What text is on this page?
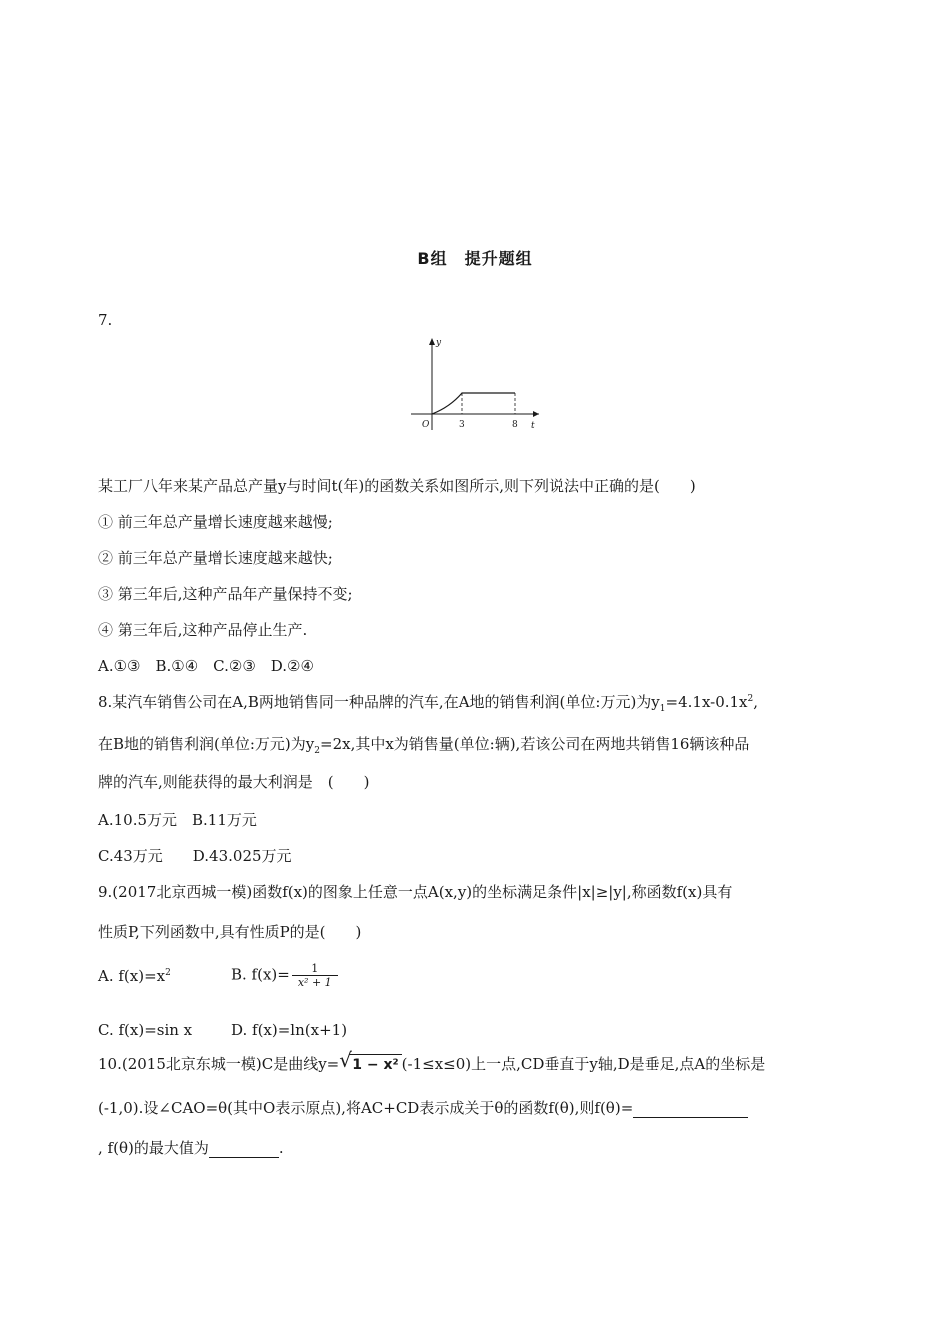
B组　提升题组
7.
y
t
O	3	8
某工厂八年来某产品总产量y与时间t(年)的函数关系如图所示,则下列说法中正确的是(　　)
① 前三年总产量增长速度越来越慢;
② 前三年总产量增长速度越来越快;
③ 第三年后,这种产品年产量保持不变;
④ 第三年后,这种产品停止生产.
A.①③　B.①④　C.②③　D.②④
8.某汽车销售公司在A,B两地销售同一种品牌的汽车,在A地的销售利润(单位:万元)为$y_1=4.1x-0.1x^2$,
在B地的销售利润(单位:万元)为$y_2=2x$,其中x为销售量(单位:辆),若该公司在两地共销售16辆该种品
牌的汽车,则能获得的最大利润是　(　　)
A.10.5万元　B.11万元
C.43万元　　D.43.025万元
9.(2017北京西城一模)函数f(x)的图象上任意一点A(x,y)的坐标满足条件|x|≥|y|,称函数f(x)具有
性质P,下列函数中,具有性质P的是(　　)
A. $f(x)=x^2$	B. $f(x)= \frac{1}{\text{x² + 1}}$
C. f(x)=sin x	D. f(x)=ln(x+1)
10.(2015北京东城一模)C是曲线y= √ 1 − x² (-1≤x≤0)上一点,CD垂直于y轴,D是垂足,点A的坐标是
(-1,0).设∠CAO=θ(其中O表示原点),将AC+CD表示成关于θ的函数f(θ),则f(θ)=
, f(θ)的最大值为	.
